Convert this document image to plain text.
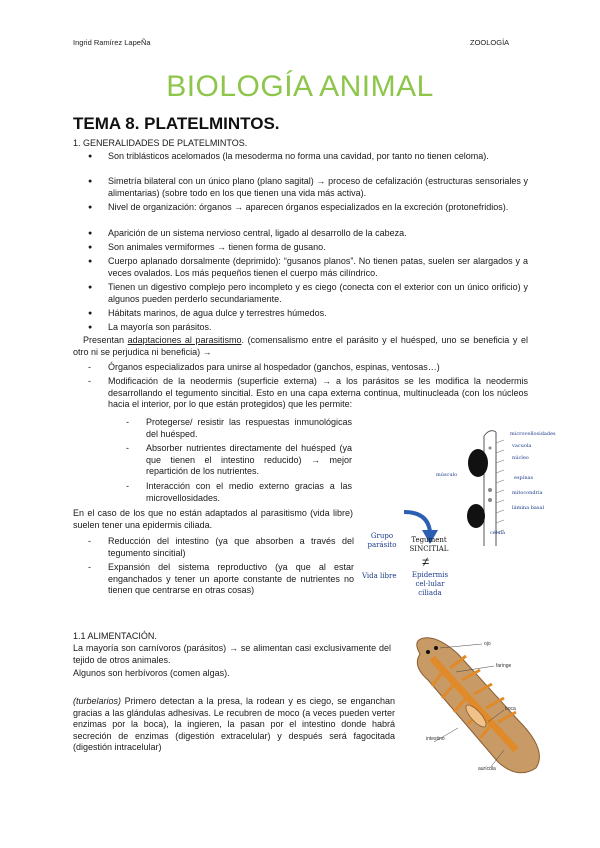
Ingrid Ramírez LapeÑa	ZOOLOGÍA
BIOLOGÍA ANIMAL
TEMA 8. PLATELMINTOS.
1. GENERALIDADES DE PLATELMINTOS.
● Son triblásticos acelomados (la mesoderma no forma una cavidad, por tanto no tienen celoma).
● Simetría bilateral con un único plano (plano sagital) → proceso de cefalización (estructuras sensoriales y alimentarias) (sobre todo en los que tienen una vida más activa).
● Nivel de organización: órganos → aparecen órganos especializados en la excreción (protonefridios).
● Aparición de un sistema nervioso central, ligado al desarrollo de la cabeza.
● Son animales vermiformes → tienen forma de gusano.
● Cuerpo aplanado dorsalmente (deprimido): “gusanos planos”. No tienen patas, suelen ser alargados y a veces ovalados. Los más pequeños tienen el cuerpo más cilíndrico.
● Tienen un digestivo complejo pero incompleto y es ciego (conecta con el exterior con un único orificio) y algunos pueden perderlo secundariamente.
● Hábitats marinos, de agua dulce y terrestres húmedos.
● La mayoría son parásitos.
Presentan adaptaciones al parasitismo. (comensalismo entre el parásito y el huésped, uno se beneficia y el otro ni se perjudica ni beneficia) →
- Órganos especializados para unirse al hospedador (ganchos, espinas, ventosas…)
- Modificación de la neodermis (superficie externa) → a los parásitos se les modifica la neodermis desarrollando el tegumento sincitial. Esto en una capa externa continua, multinucleada (con los núcleos hacia el interior, por lo que están protegidos) que les permite:
- Protegerse/ resistir las respuestas inmunológicas del huésped.
- Absorber nutrientes directamente del huésped (ya que tienen el intestino reducido) → mejor repartición de los nutrientes.
- Interacción con el medio externo gracias a las microvellosidades.
En el caso de los que no están adaptados al parasitismo (vida libre) suelen tener una epidermis ciliada.
- Reducción del intestino (ya que absorben a través del tegumento sincitial)
- Expansión del sistema reproductivo (ya que al estar enganchados y tener un aporte constante de nutrientes no tienen que centrarse en otras cosas)
Grupo parásito
Tegument SINCITIAL
≠
Vida libre	Epidermis cel·lular ciliada
microvellosidades
vacuola
núcleo
espinas
mitocondria
lámina basal
músculo
célula
1.1 ALIMENTACIÓN.
La mayoría son carnívoros (parásitos) → se alimentan casi exclusivamente del tejido de otros animales.
Algunos son herbívoros (comen algas).
(turbelarios) Primero detectan a la presa, la rodean y es ciego, se enganchan gracias a las glándulas adhesivas. Le recubren de moco (a veces pueden verter enzimas por la boca), la ingieren, la pasan por el intestino donde habrá secreción de enzimas (digestión extracelular) y después será fagocitada (digestión intracelular)
ojo
faringe
boca
intestino
aurícula
